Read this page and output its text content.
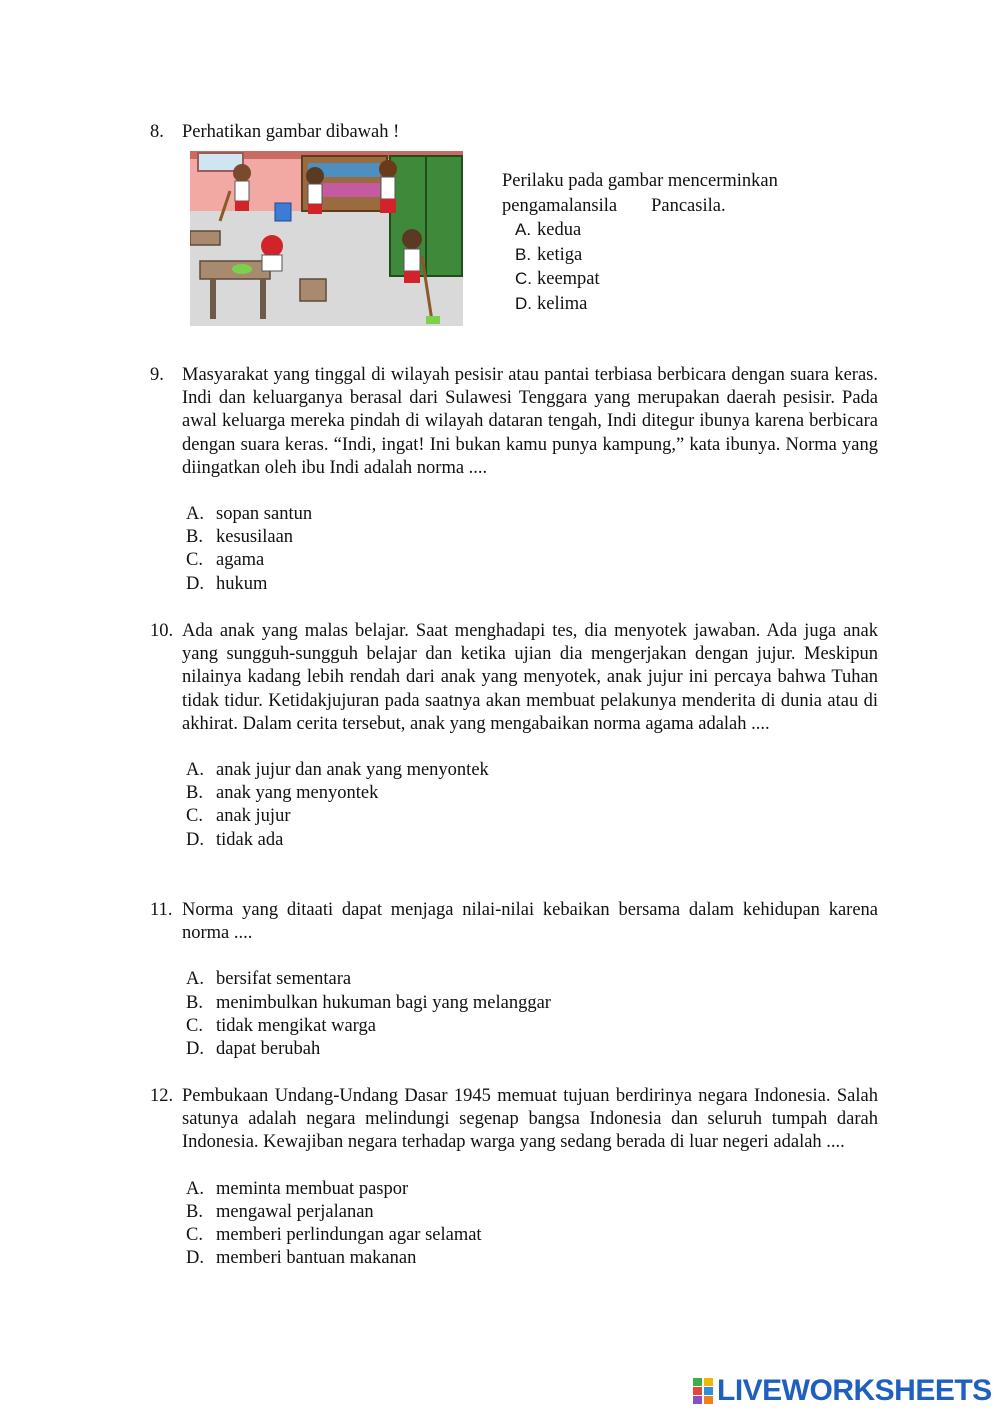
8. Perhatikan gambar dibawah !
Perilaku pada gambar mencerminkan
pengamalansila Pancasila.
A. kedua
B. ketiga
C. keempat
D. kelima
9. Masyarakat yang tinggal di wilayah pesisir atau pantai terbiasa berbicara dengan suara keras. Indi dan keluarganya berasal dari Sulawesi Tenggara yang merupakan daerah pesisir. Pada awal keluarga mereka pindah di wilayah dataran tengah, Indi ditegur ibunya karena berbicara dengan suara keras. “Indi, ingat! Ini bukan kamu punya kampung,” kata ibunya. Norma yang diingatkan oleh ibu Indi adalah norma ....
A. sopan santun
B. kesusilaan
C. agama
D. hukum
10. Ada anak yang malas belajar. Saat menghadapi tes, dia menyotek jawaban. Ada juga anak yang sungguh-sungguh belajar dan ketika ujian dia mengerjakan dengan jujur. Meskipun nilainya kadang lebih rendah dari anak yang menyotek, anak jujur ini percaya bahwa Tuhan tidak tidur. Ketidakjujuran pada saatnya akan membuat pelakunya menderita di dunia atau di akhirat. Dalam cerita tersebut, anak yang mengabaikan norma agama adalah ....
A. anak jujur dan anak yang menyontek
B. anak yang menyontek
C. anak jujur
D. tidak ada
11. Norma yang ditaati dapat menjaga nilai-nilai kebaikan bersama dalam kehidupan karena norma ....
A. bersifat sementara
B. menimbulkan hukuman bagi yang melanggar
C. tidak mengikat warga
D. dapat berubah
12. Pembukaan Undang-Undang Dasar 1945 memuat tujuan berdirinya negara Indonesia. Salah satunya adalah negara melindungi segenap bangsa Indonesia dan seluruh tumpah darah Indonesia. Kewajiban negara terhadap warga yang sedang berada di luar negeri adalah ....
A. meminta membuat paspor
B. mengawal perjalanan
C. memberi perlindungan agar selamat
D. memberi bantuan makanan
LIVEWORKSHEETS
